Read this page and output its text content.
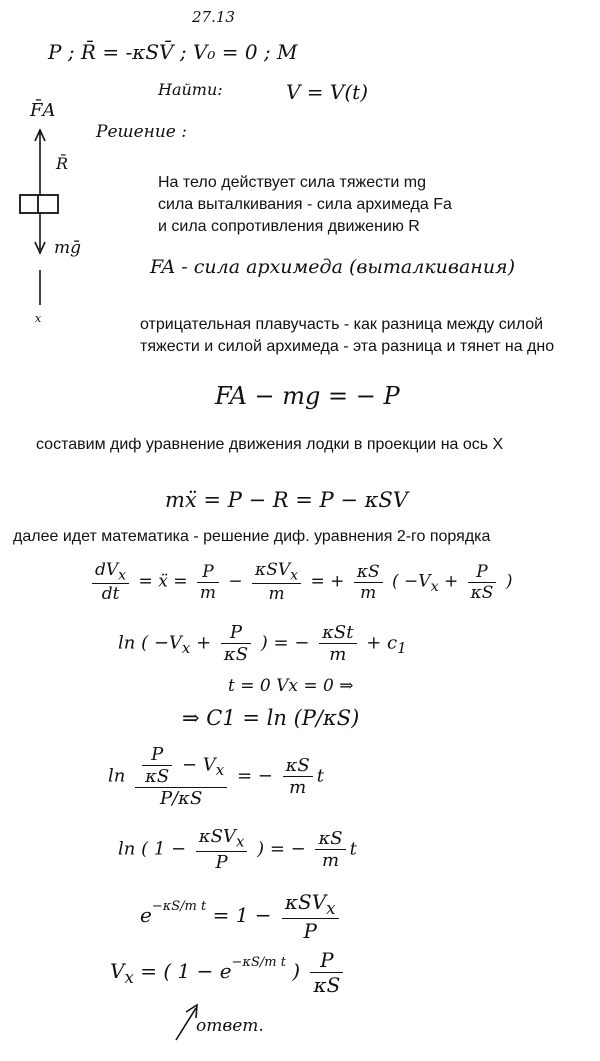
27.13
P ; R̄ = -κSV̄ ; V₀ = 0 ; M
Найти:	V = V(t)
Решение :
F̄A
R̄
mḡ
x
На тело действует сила тяжести mg
сила выталкивания - сила архимеда Fa
и сила сопротивления движению R
FA - сила архимеда (выталкивания)
отрицательная плавучасть - как разница между силой
тяжести и силой архимеда - эта разница и тянет на дно
FA − mg = − P
составим диф уравнение движения лодки в проекции на ось X
mẍ = P − R = P − κSV
далее идет математика - решение диф. уравнения 2-го порядка
$\frac{dV_x}{dt}$ = ẍ = $\frac{P}{m} - \frac{\kappa SV_x}{m}$ = + $\frac{\kappa S}{m}$ ( $-V_x + \frac{P}{\kappa S}$ )
ln ( $-V_x + \frac{P}{\kappa S}$ ) = − $\frac{\text{κSt}}{m} + c_1$
t = 0 Vx = 0 ⇒
⇒ C1 = ln (P/κS)
$\ln \frac{\frac{P}{\kappa S} - V_x}{P/\kappa S}$ = − $\frac{\kappa S}{m}$ t
ln ( $1 - \frac{\kappa SV_x}{P}$ ) = − $\frac{\kappa S}{m}$ t
$e^{-\kappa S/m t} = 1 - \frac{\kappa SV_x}{P}$
$V_x$ = ( $1 - e^{-\kappa S/m t}$ ) $\frac{P}{\kappa S}$
ответ.
